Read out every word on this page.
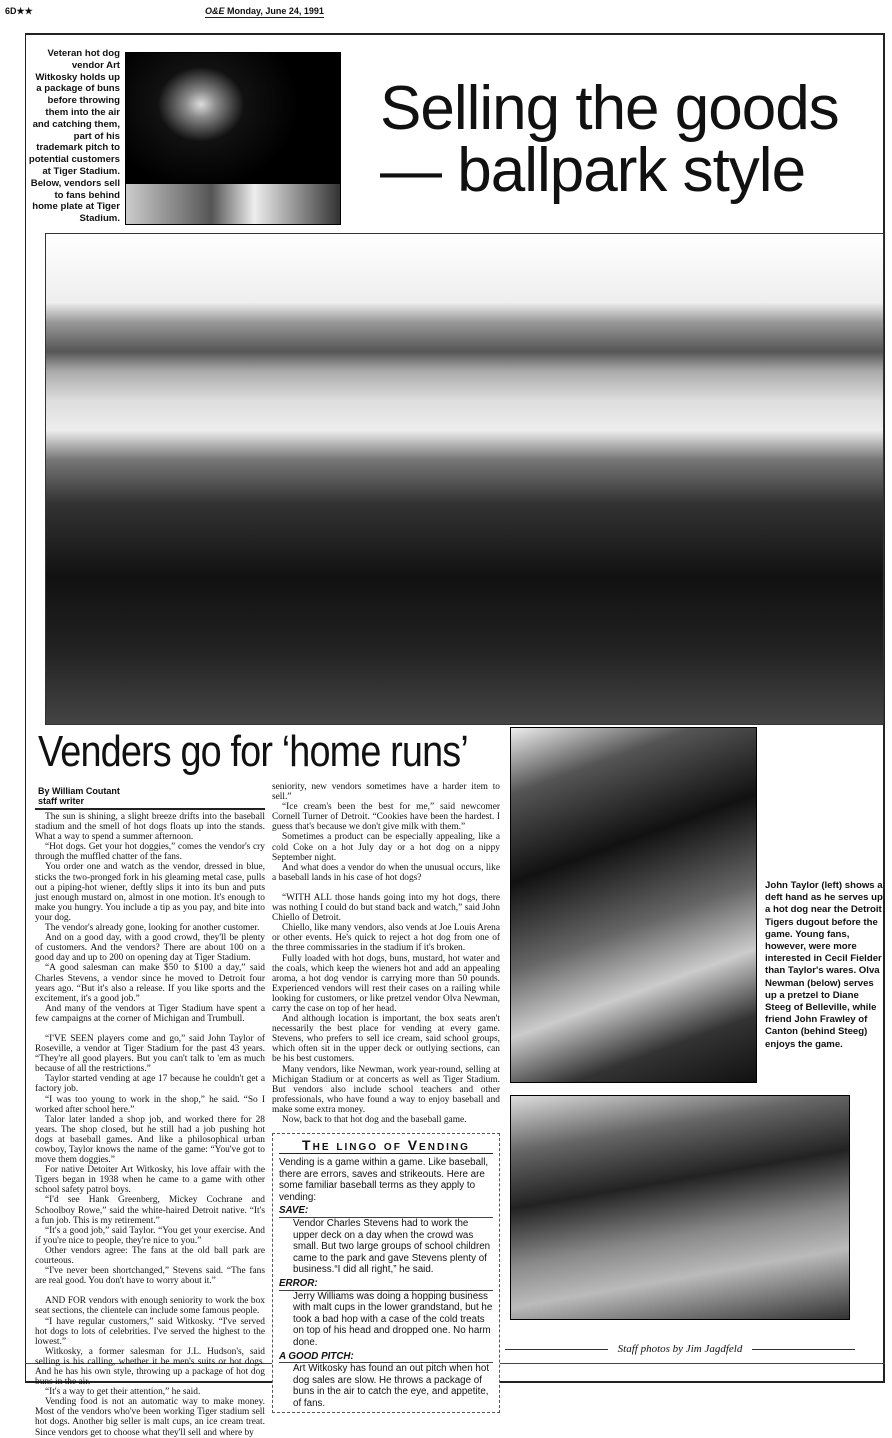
6D★★	O&E Monday, June 24, 1991
Veteran hot dog vendor Art Witkosky holds up a package of buns before throwing them into the air and catching them, part of his trademark pitch to potential customers at Tiger Stadium. Below, vendors sell to fans behind home plate at Tiger Stadium.
Selling the goods — ballpark style
Venders go for ‘home runs’
By William Coutant
staff writer

The sun is shining, a slight breeze drifts into the baseball stadium and the smell of hot dogs floats up into the stands. What a way to spend a summer afternoon.

“Hot dogs. Get your hot doggies,” comes the vendor's cry through the muffled chatter of the fans.

You order one and watch as the vendor, dressed in blue, sticks the two-pronged fork in his gleaming metal case, pulls out a piping-hot wiener, deftly slips it into its bun and puts just enough mustard on, almost in one motion. It's enough to make you hungry. You include a tip as you pay, and bite into your dog.

The vendor's already gone, looking for another customer.

And on a good day, with a good crowd, they'll be plenty of customers. And the vendors? There are about 100 on a good day and up to 200 on opening day at Tiger Stadium.

“A good salesman can make $50 to $100 a day,” said Charles Stevens, a vendor since he moved to Detroit four years ago. “But it's also a release. If you like sports and the excitement, it's a good job.”

And many of the vendors at Tiger Stadium have spent a few campaigns at the corner of Michigan and Trumbull.

“I'VE SEEN players come and go,” said John Taylor of Roseville, a vendor at Tiger Stadium for the past 43 years. “They're all good players. But you can't talk to 'em as much because of all the restrictions.”

Taylor started vending at age 17 because he couldn't get a factory job.

“I was too young to work in the shop,” he said. “So I worked after school here.”

Talor later landed a shop job, and worked there for 28 years. The shop closed, but he still had a job pushing hot dogs at baseball games. And like a philosophical urban cowboy, Taylor knows the name of the game: “You've got to move them doggies.”

For native Detoiter Art Witkosky, his love affair with the Tigers began in 1938 when he came to a game with other school safety patrol boys.

“I'd see Hank Greenberg, Mickey Cochrane and Schoolboy Rowe,” said the white-haired Detroit native. “It's a fun job. This is my retirement.”

“It's a good job,” said Taylor. “You get your exercise. And if you're nice to people, they're nice to you.”

Other vendors agree: The fans at the old ball park are courteous.

“I've never been shortchanged,” Stevens said. “The fans are real good. You don't have to worry about it.”

AND FOR vendors with enough seniority to work the box seat sections, the clientele can include some famous people.

“I have regular customers,” said Witkosky. “I've served hot dogs to lots of celebrities. I've served the highest to the lowest.”

Witkosky, a former salesman for J.L. Hudson's, said selling is his calling, whether it be men's suits or hot dogs. And he has his own style, throwing up a package of hot dog buns in the air.

“It's a way to get their attention,” he said.

Vending food is not an automatic way to make money. Most of the vendors who've been working Tiger stadium sell hot dogs. Another big seller is malt cups, an ice cream treat. Since vendors get to choose what they'll sell and where by

seniority, new vendors sometimes have a harder item to sell.”

“Ice cream's been the best for me,” said newcomer Cornell Turner of Detroit. “Cookies have been the hardest. I guess that's because we don't give milk with them.”

Sometimes a product can be especially appealing, like a cold Coke on a hot July day or a hot dog on a nippy September night.

And what does a vendor do when the unusual occurs, like a baseball lands in his case of hot dogs?

“WITH ALL those hands going into my hot dogs, there was nothing I could do but stand back and watch,” said John Chiello of Detroit.

Chiello, like many vendors, also vends at Joe Louis Arena or other events. He's quick to reject a hot dog from one of the three commissaries in the stadium if it's broken.

Fully loaded with hot dogs, buns, mustard, hot water and the coals, which keep the wieners hot and add an appealing aroma, a hot dog vendor is carrying more than 50 pounds. Experienced vendors will rest their cases on a railing while looking for customers, or like pretzel vendor Olva Newman, carry the case on top of her head.

And although location is important, the box seats aren't necessarily the best place for vending at every game. Stevens, who prefers to sell ice cream, said school groups, which often sit in the upper deck or outlying sections, can be his best customers.

Many vendors, like Newman, work year-round, selling at Michigan Stadium or at concerts as well as Tiger Stadium. But vendors also include school teachers and other professionals, who have found a way to enjoy baseball and make some extra money.

Now, back to that hot dog and the baseball game.

The lingo of Vending
Vending is a game within a game. Like baseball, there are errors, saves and strikeouts. Here are some familiar baseball terms as they apply to vending:
SAVE:
Vendor Charles Stevens had to work the upper deck on a day when the crowd was small. But two large groups of school children came to the park and gave Stevens plenty of business.“I did all right,” he said.
ERROR:
Jerry Williams was doing a hopping business with malt cups in the lower grandstand, but he took a bad hop with a case of the cold treats on top of his head and dropped one. No harm done.
A GOOD PITCH:
Art Witkosky has found an out pitch when hot dog sales are slow. He throws a package of buns in the air to catch the eye, and appetite, of fans.
John Taylor (left) shows a deft hand as he serves up a hot dog near the Detroit Tigers dugout before the game. Young fans, however, were more interested in Cecil Fielder than Taylor's wares. Olva Newman (below) serves up a pretzel to Diane Steeg of Belleville, while friend John Frawley of Canton (behind Steeg) enjoys the game.
Staff photos by Jim Jagdfeld
